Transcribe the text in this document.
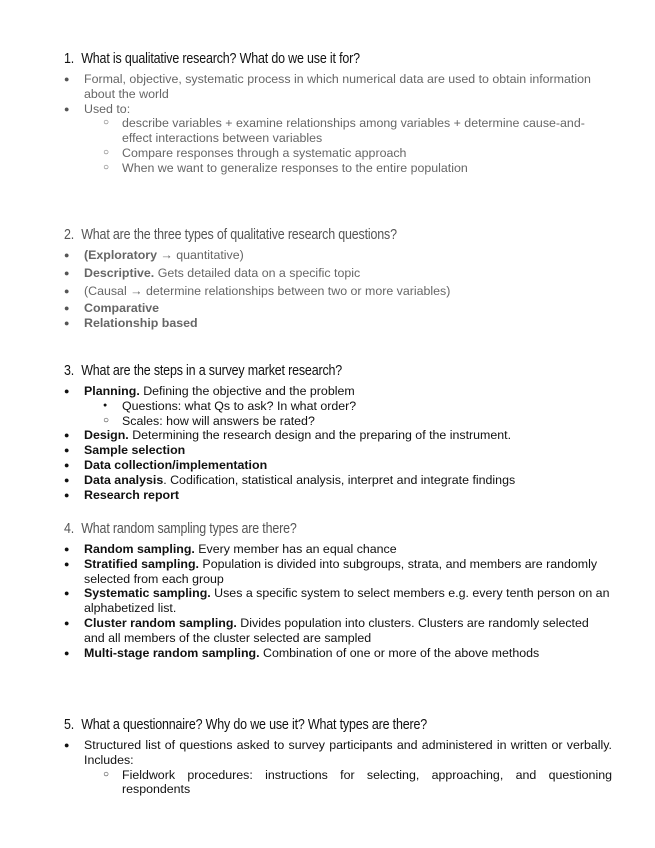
1. What is qualitative research? What do we use it for?
● Formal, objective, systematic process in which numerical data are used to obtain information about the world
● Used to:
○ describe variables + examine relationships among variables + determine cause-and-effect interactions between variables
○ Compare responses through a systematic approach
○ When we want to generalize responses to the entire population
2. What are the three types of qualitative research questions?
● (Exploratory → quantitative)
● Descriptive. Gets detailed data on a specific topic
● (Causal → determine relationships between two or more variables)
● Comparative
● Relationship based
3. What are the steps in a survey market research?
● Planning. Defining the objective and the problem
● Questions: what Qs to ask? In what order?
○ Scales: how will answers be rated?
● Design. Determining the research design and the preparing of the instrument.
● Sample selection
● Data collection/implementation
● Data analysis. Codification, statistical analysis, interpret and integrate findings
● Research report
4. What random sampling types are there?
● Random sampling. Every member has an equal chance
● Stratified sampling. Population is divided into subgroups, strata, and members are randomly selected from each group
● Systematic sampling. Uses a specific system to select members e.g. every tenth person on an alphabetized list.
● Cluster random sampling. Divides population into clusters. Clusters are randomly selected and all members of the cluster selected are sampled
● Multi-stage random sampling. Combination of one or more of the above methods
5. What a questionnaire? Why do we use it? What types are there?
● Structured list of questions asked to survey participants and administered in written or verbally. Includes:
○ Fieldwork procedures: instructions for selecting, approaching, and questioning respondents
